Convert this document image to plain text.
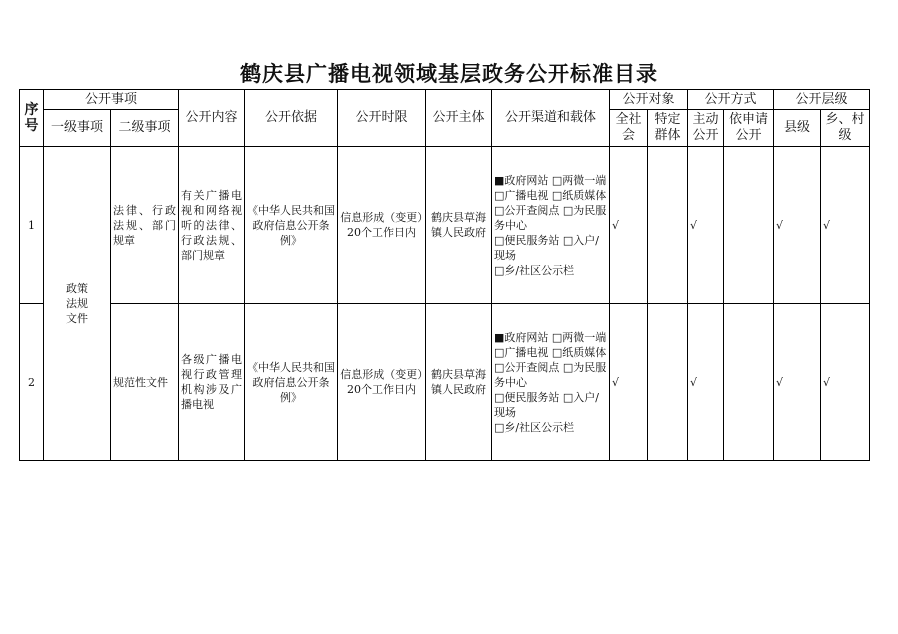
鹤庆县广播电视领域基层政务公开标准目录
序号	公开事项		公开内容	公开依据	公开时限	公开主体	公开渠道和载体	公开对象		公开方式		公开层级	
	一级事项	二级事项						全社会	特定群体	主动公开	依申请公开	县级	乡、村级
1	政策法规文件	法律、行政法规、部门规章	有关广播电视和网络视听的法律、行政法规、部门规章	《中华人民共和国政府信息公开条例》	信息形成（变更）20个工作日内	鹤庆县草海镇人民政府	■政府网站 □两微一端
□广播电视 □纸质媒体
□公开查阅点 □为民服务中心
□便民服务站 □入户/现场
□乡/社区公示栏	√		√		√	√
2		规范性文件	各级广播电视行政管理机构涉及广播电视	《中华人民共和国政府信息公开条例》	信息形成（变更）20个工作日内	鹤庆县草海镇人民政府	■政府网站 □两微一端
□广播电视 □纸质媒体
□公开查阅点 □为民服务中心
□便民服务站 □入户/现场
□乡/社区公示栏	√		√		√	√
